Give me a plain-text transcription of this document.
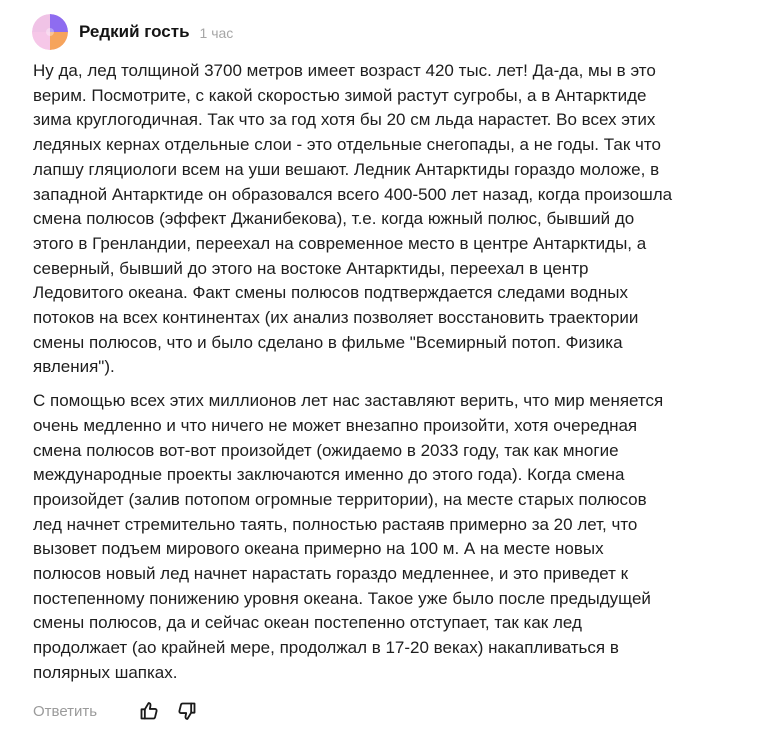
Редкий гость 1 час

Ну да, лед толщиной 3700 метров имеет возраст 420 тыс. лет! Да-да, мы в это
верим. Посмотрите, с какой скоростью зимой растут сугробы, а в Антарктиде
зима круглогодичная. Так что за год хотя бы 20 см льда нарастет. Во всех этих
ледяных кернах отдельные слои - это отдельные снегопады, а не годы. Так что
лапшу гляциологи всем на уши вешают. Ледник Антарктиды гораздо моложе, в
западной Антарктиде он образовался всего 400-500 лет назад, когда произошла
смена полюсов (эффект Джанибекова), т.е. когда южный полюс, бывший до
этого в Гренландии, переехал на современное место в центре Антарктиды, а
северный, бывший до этого на востоке Антарктиды, переехал в центр
Ледовитого океана. Факт смены полюсов подтверждается следами водных
потоков на всех континентах (их анализ позволяет восстановить траектории
смены полюсов, что и было сделано в фильме "Всемирный потоп. Физика
явления").

С помощью всех этих миллионов лет нас заставляют верить, что мир меняется
очень медленно и что ничего не может внезапно произойти, хотя очередная
смена полюсов вот-вот произойдет (ожидаемо в 2033 году, так как многие
международные проекты заключаются именно до этого года). Когда смена
произойдет (залив потопом огромные территории), на месте старых полюсов
лед начнет стремительно таять, полностью растаяв примерно за 20 лет, что
вызовет подъем мирового океана примерно на 100 м. А на месте новых
полюсов новый лед начнет нарастать гораздо медленнее, и это приведет к
постепенному понижению уровня океана. Такое уже было после предыдущей
смены полюсов, да и сейчас океан постепенно отступает, так как лед
продолжает (ао крайней мере, продолжал в 17-20 веках) накапливаться в
полярных шапках.

Ответить
